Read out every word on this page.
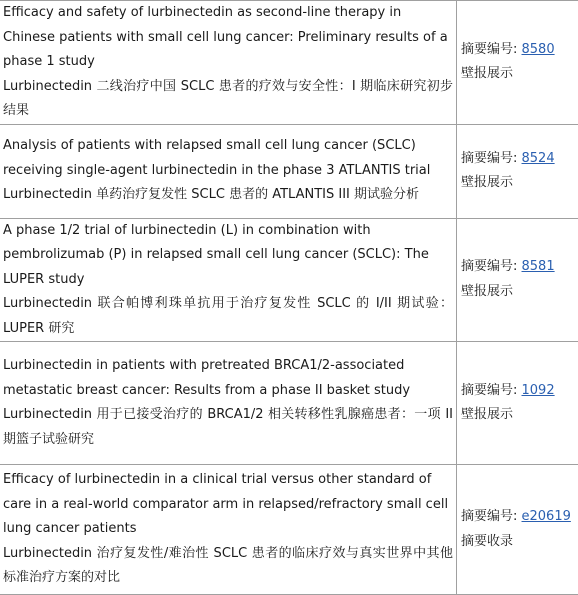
Efficacy and safety of lurbinectedin as second-line therapy in Chinese patients with small cell lung cancer: Preliminary results of a phase 1 study
Lurbinectedin 二线治疗中国 SCLC 患者的疗效与安全性：I 期临床研究初步结果	摘要编号: 8580
壁报展示

Analysis of patients with relapsed small cell lung cancer (SCLC) receiving single-agent lurbinectedin in the phase 3 ATLANTIS trial
Lurbinectedin 单药治疗复发性 SCLC 患者的 ATLANTIS III 期试验分析	摘要编号: 8524
壁报展示

A phase 1/2 trial of lurbinectedin (L) in combination with pembrolizumab (P) in relapsed small cell lung cancer (SCLC): The LUPER study
Lurbinectedin 联合帕博利珠单抗用于治疗复发性 SCLC 的 I/II 期试验：LUPER 研究	摘要编号: 8581
壁报展示

Lurbinectedin in patients with pretreated BRCA1/2-associated metastatic breast cancer: Results from a phase II basket study
Lurbinectedin 用于已接受治疗的 BRCA1/2 相关转移性乳腺癌患者：一项 II 期篮子试验研究	摘要编号: 1092
壁报展示

Efficacy of lurbinectedin in a clinical trial versus other standard of care in a real-world comparator arm in relapsed/refractory small cell lung cancer patients
Lurbinectedin 治疗复发性/难治性 SCLC 患者的临床疗效与真实世界中其他标准治疗方案的对比	摘要编号: e20619
摘要收录
